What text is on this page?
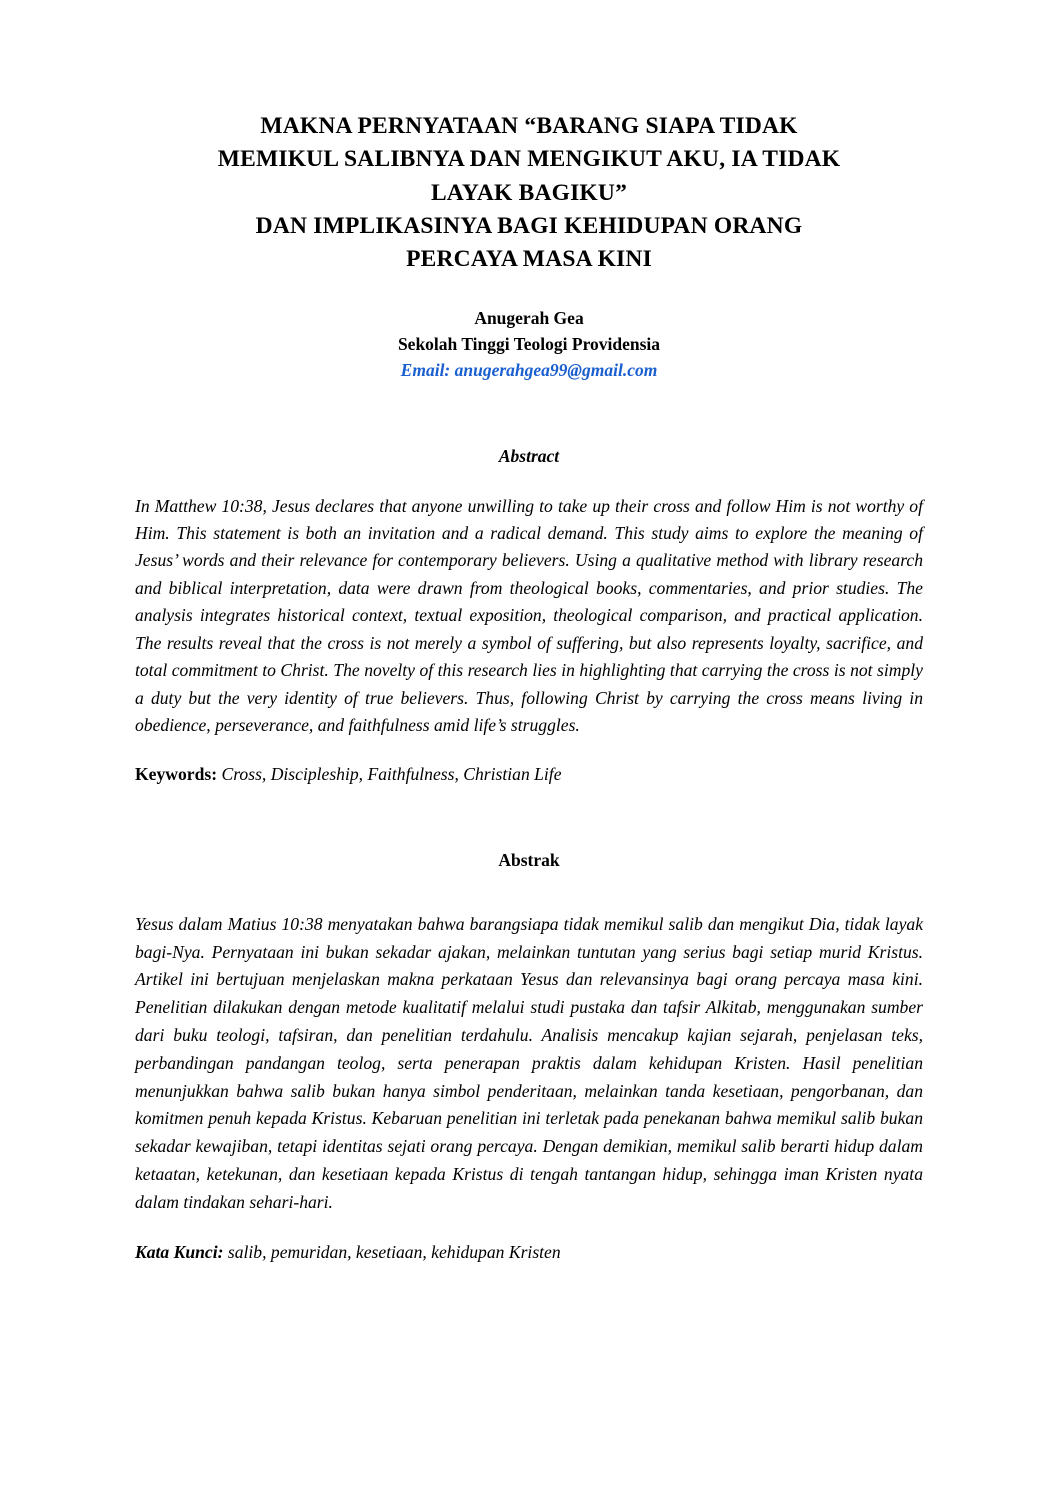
MAKNA PERNYATAAN “BARANG SIAPA TIDAK
MEMIKUL SALIBNYA DAN MENGIKUT AKU, IA TIDAK
LAYAK BAGIKU”
DAN IMPLIKASINYA BAGI KEHIDUPAN ORANG
PERCAYA MASA KINI
Anugerah Gea
Sekolah Tinggi Teologi Providensia
Email: anugerahgea99@gmail.com
Abstract

In Matthew 10:38, Jesus declares that anyone unwilling to take up their cross and follow Him is not worthy of Him. This statement is both an invitation and a radical demand. This study aims to explore the meaning of Jesus’ words and their relevance for contemporary believers. Using a qualitative method with library research and biblical interpretation, data were drawn from theological books, commentaries, and prior studies. The analysis integrates historical context, textual exposition, theological comparison, and practical application. The results reveal that the cross is not merely a symbol of suffering, but also represents loyalty, sacrifice, and total commitment to Christ. The novelty of this research lies in highlighting that carrying the cross is not simply a duty but the very identity of true believers. Thus, following Christ by carrying the cross means living in obedience, perseverance, and faithfulness amid life’s struggles.

Keywords: Cross, Discipleship, Faithfulness, Christian Life

Abstrak

Yesus dalam Matius 10:38 menyatakan bahwa barangsiapa tidak memikul salib dan mengikut Dia, tidak layak bagi-Nya. Pernyataan ini bukan sekadar ajakan, melainkan tuntutan yang serius bagi setiap murid Kristus. Artikel ini bertujuan menjelaskan makna perkataan Yesus dan relevansinya bagi orang percaya masa kini. Penelitian dilakukan dengan metode kualitatif melalui studi pustaka dan tafsir Alkitab, menggunakan sumber dari buku teologi, tafsiran, dan penelitian terdahulu. Analisis mencakup kajian sejarah, penjelasan teks, perbandingan pandangan teolog, serta penerapan praktis dalam kehidupan Kristen. Hasil penelitian menunjukkan bahwa salib bukan hanya simbol penderitaan, melainkan tanda kesetiaan, pengorbanan, dan komitmen penuh kepada Kristus. Kebaruan penelitian ini terletak pada penekanan bahwa memikul salib bukan sekadar kewajiban, tetapi identitas sejati orang percaya. Dengan demikian, memikul salib berarti hidup dalam ketaatan, ketekunan, dan kesetiaan kepada Kristus di tengah tantangan hidup, sehingga iman Kristen nyata dalam tindakan sehari-hari.

Kata Kunci: salib, pemuridan, kesetiaan, kehidupan Kristen
